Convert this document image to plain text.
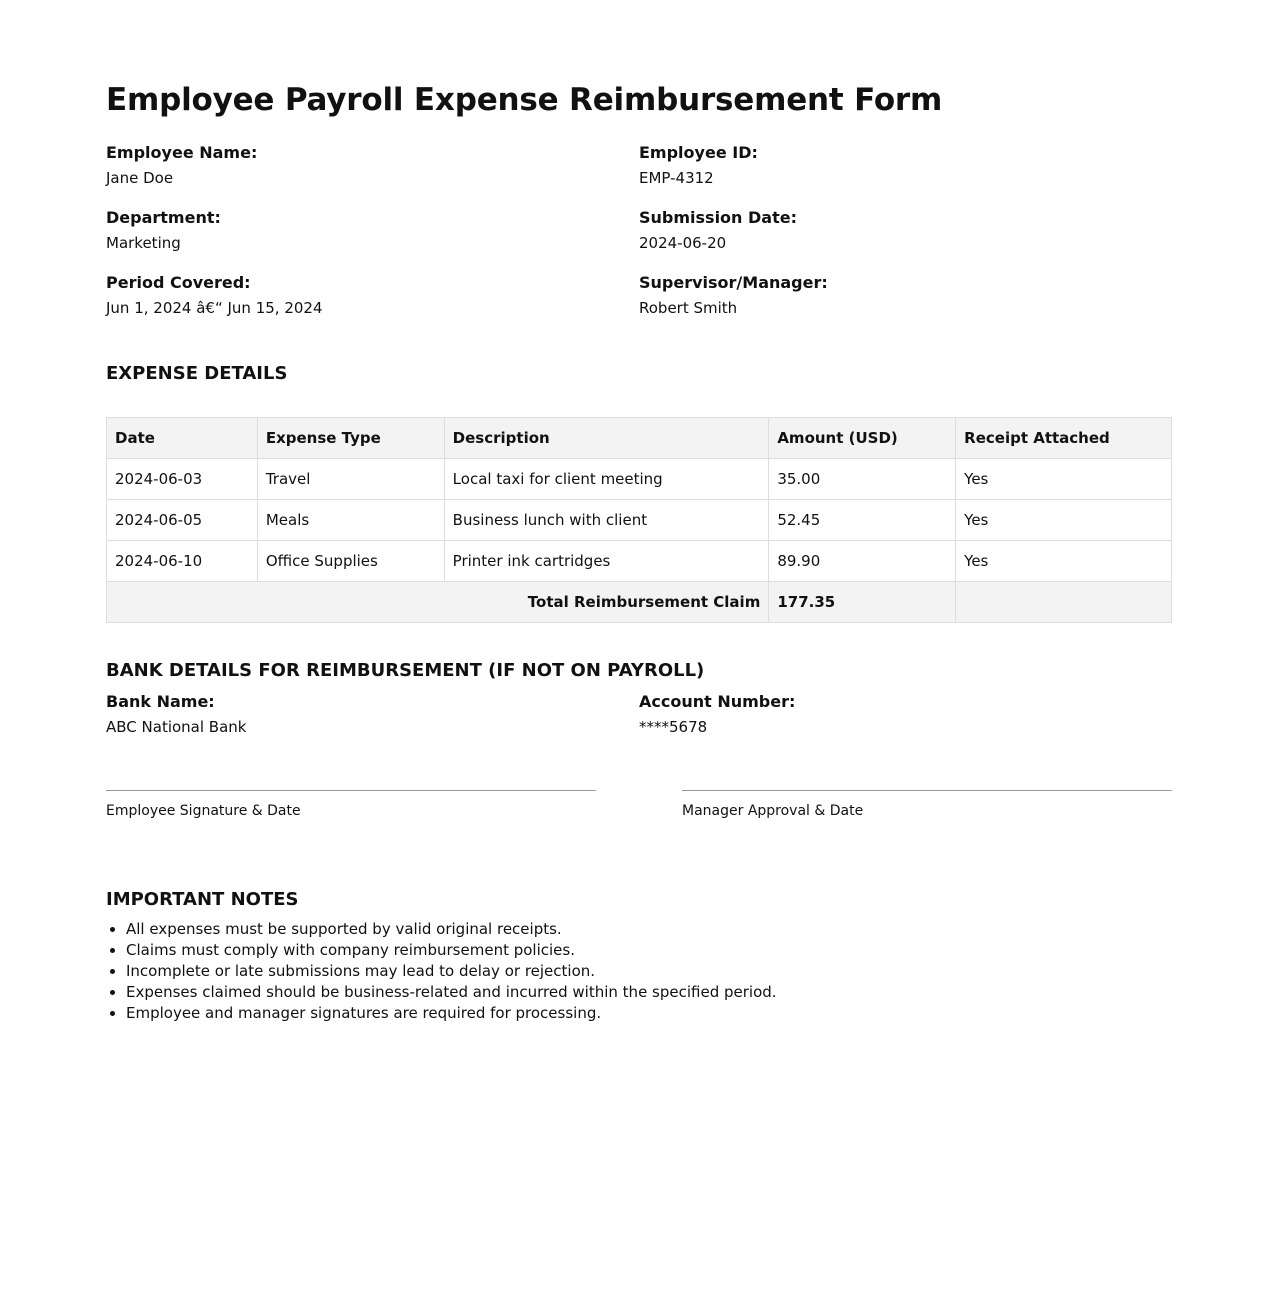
Employee Payroll Expense Reimbursement Form
Employee Name:
Jane Doe
Employee ID:
EMP-4312
Department:
Marketing
Submission Date:
2024-06-20
Period Covered:
Jun 1, 2024 â€“ Jun 15, 2024
Supervisor/Manager:
Robert Smith
EXPENSE DETAILS
Date	Expense Type	Description	Amount (USD)	Receipt Attached
2024-06-03	Travel	Local taxi for client meeting	35.00	Yes
2024-06-05	Meals	Business lunch with client	52.45	Yes
2024-06-10	Office Supplies	Printer ink cartridges	89.90	Yes
Total Reimbursement Claim			177.35	
BANK DETAILS FOR REIMBURSEMENT (IF NOT ON PAYROLL)
Bank Name:
ABC National Bank
Account Number:
****5678
Employee Signature & Date	Manager Approval & Date
IMPORTANT NOTES
• All expenses must be supported by valid original receipts.
• Claims must comply with company reimbursement policies.
• Incomplete or late submissions may lead to delay or rejection.
• Expenses claimed should be business-related and incurred within the specified period.
• Employee and manager signatures are required for processing.
